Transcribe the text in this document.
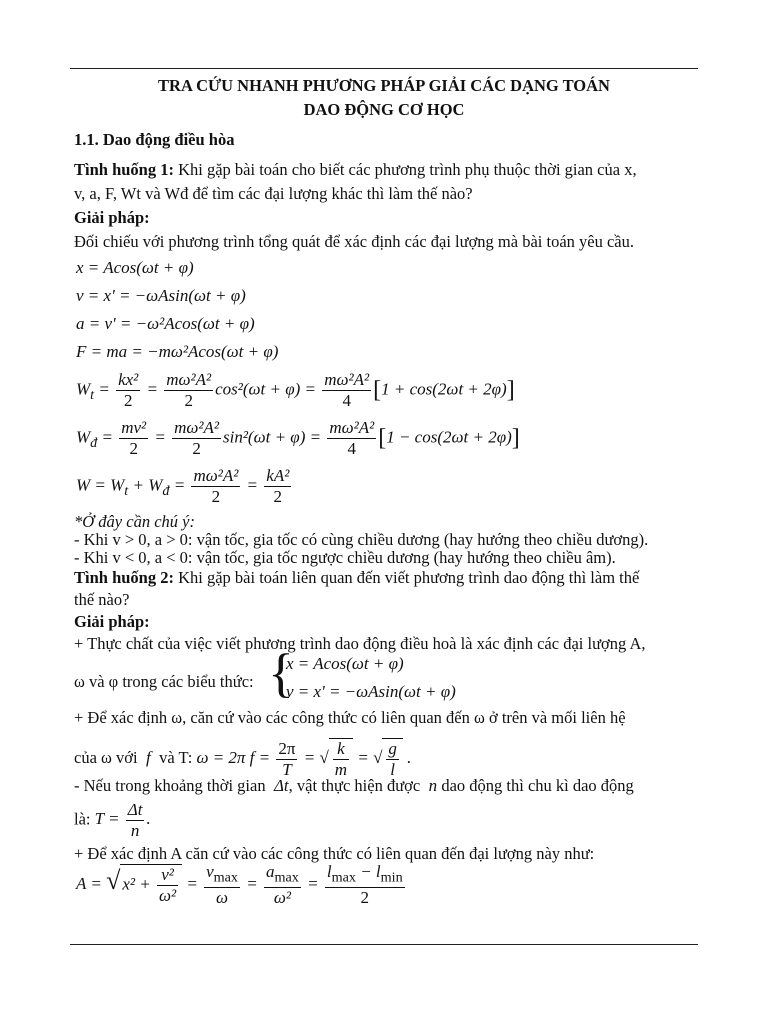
TRA CỨU NHANH PHƯƠNG PHÁP GIẢI CÁC DẠNG TOÁN
DAO ĐỘNG CƠ HỌC
1.1. Dao động điều hòa
Tình huống 1: Khi gặp bài toán cho biết các phương trình phụ thuộc thời gian của x,
v, a, F, Wt và Wđ để tìm các đại lượng khác thì làm thế nào?
Giải pháp:
Đối chiếu với phương trình tổng quát để xác định các đại lượng mà bài toán yêu cầu.
x = Acos(ωt + φ)
v = x' = −ωAsin(ωt + φ)
a = v' = −ω²Acos(ωt + φ)
F = ma = −mω²Acos(ωt + φ)
$W_t = \frac{\text{kx²}}{2} = \frac{\text{mω²A²}}{2} \cos^2(\omega t + \varphi) = \frac{\text{mω²A²}}{4} [1 + \cos(2\omega t + 2\varphi)]$
$W_đ = \frac{\text{mv²}}{2} = \frac{\text{mω²A²}}{2} \sin^2(\omega t + \varphi) = \frac{\text{mω²A²}}{4} [1 - \cos(2\omega t + 2\varphi)]$
$W = W_t + W_đ = \frac{\text{mω²A²}}{2} = \frac{\text{kA²}}{2}$
*Ở đây cần chú ý:
- Khi v > 0, a > 0: vận tốc, gia tốc có cùng chiều dương (hay hướng theo chiều dương).
- Khi v < 0, a < 0: vận tốc, gia tốc ngược chiều dương (hay hướng theo chiều âm).
Tình huống 2: Khi gặp bài toán liên quan đến viết phương trình dao động thì làm thế
thế nào?
Giải pháp:
+ Thực chất của việc viết phương trình dao động điều hoà là xác định các đại lượng A,
ω và φ trong các biểu thức: {
x = Acos(ωt + φ)
v = x' = −ωAsin(ωt + φ)
+ Để xác định ω, căn cứ vào các công thức có liên quan đến ω ở trên và mối liên hệ
của ω với  f  và T: ω = 2π $f = \frac{2\pi}{T}$ = √ $\frac{k}{m}$ = √ $\frac{g}{l}$ .
- Nếu trong khoảng thời gian  Δt, vật thực hiện được  n dao động thì chu kì dao động
là: $T = \frac{\Delta t}{n}$ .
+ Để xác định A căn cứ vào các công thức có liên quan đến đại lượng này như:
A = √ $x^2 + \frac{\text{v²}}{\text{ω²}} = \frac{v_{max}}{\omega} = \frac{a_{max}}{\text{ω²}} = \frac{l_{max} - l_{min}}{2}$
